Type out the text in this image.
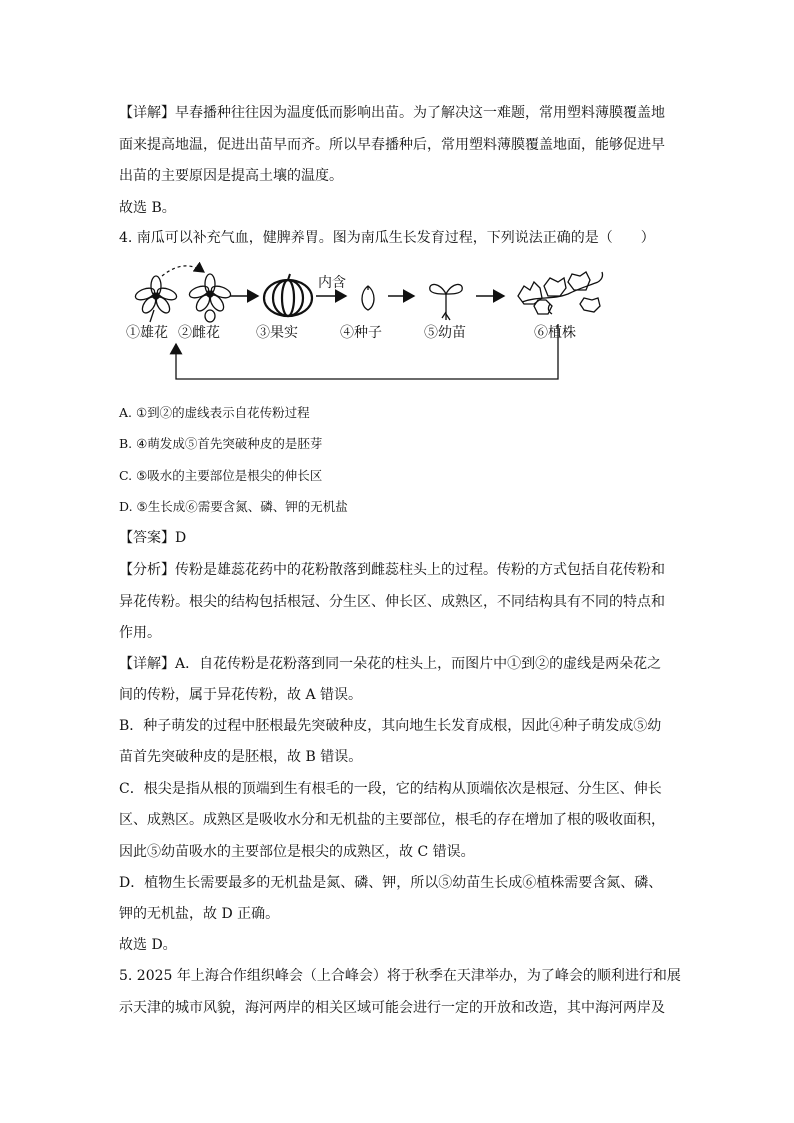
【详解】早春播种往往因为温度低而影响出苗。为了解决这一难题，常用塑料薄膜覆盖地
面来提高地温，促进出苗早而齐。所以早春播种后，常用塑料薄膜覆盖地面，能够促进早
出苗的主要原因是提高土壤的温度。
故选 B。
4. 南瓜可以补充气血，健脾养胃。图为南瓜生长发育过程，下列说法正确的是（　　）
内含
①雄花 ②雌花	③果实	④种子	⑤幼苗	⑥植株
A. ①到②的虚线表示自花传粉过程
B. ④萌发成⑤首先突破种皮的是胚芽
C. ⑤吸水的主要部位是根尖的伸长区
D. ⑤生长成⑥需要含氮、磷、钾的无机盐
【答案】D
【分析】传粉是雄蕊花药中的花粉散落到雌蕊柱头上的过程。传粉的方式包括自花传粉和
异花传粉。根尖的结构包括根冠、分生区、伸长区、成熟区，不同结构具有不同的特点和
作用。
【详解】A．自花传粉是花粉落到同一朵花的柱头上，而图片中①到②的虚线是两朵花之
间的传粉，属于异花传粉，故 A 错误。
B．种子萌发的过程中胚根最先突破种皮，其向地生长发育成根，因此④种子萌发成⑤幼
苗首先突破种皮的是胚根，故 B 错误。
C．根尖是指从根的顶端到生有根毛的一段，它的结构从顶端依次是根冠、分生区、伸长
区、成熟区。成熟区是吸收水分和无机盐的主要部位，根毛的存在增加了根的吸收面积，
因此⑤幼苗吸水的主要部位是根尖的成熟区，故 C 错误。
D．植物生长需要最多的无机盐是氮、磷、钾，所以⑤幼苗生长成⑥植株需要含氮、磷、
钾的无机盐，故 D 正确。
故选 D。
5. 2025 年上海合作组织峰会（上合峰会）将于秋季在天津举办，为了峰会的顺利进行和展
示天津的城市风貌，海河两岸的相关区域可能会进行一定的开放和改造，其中海河两岸及
